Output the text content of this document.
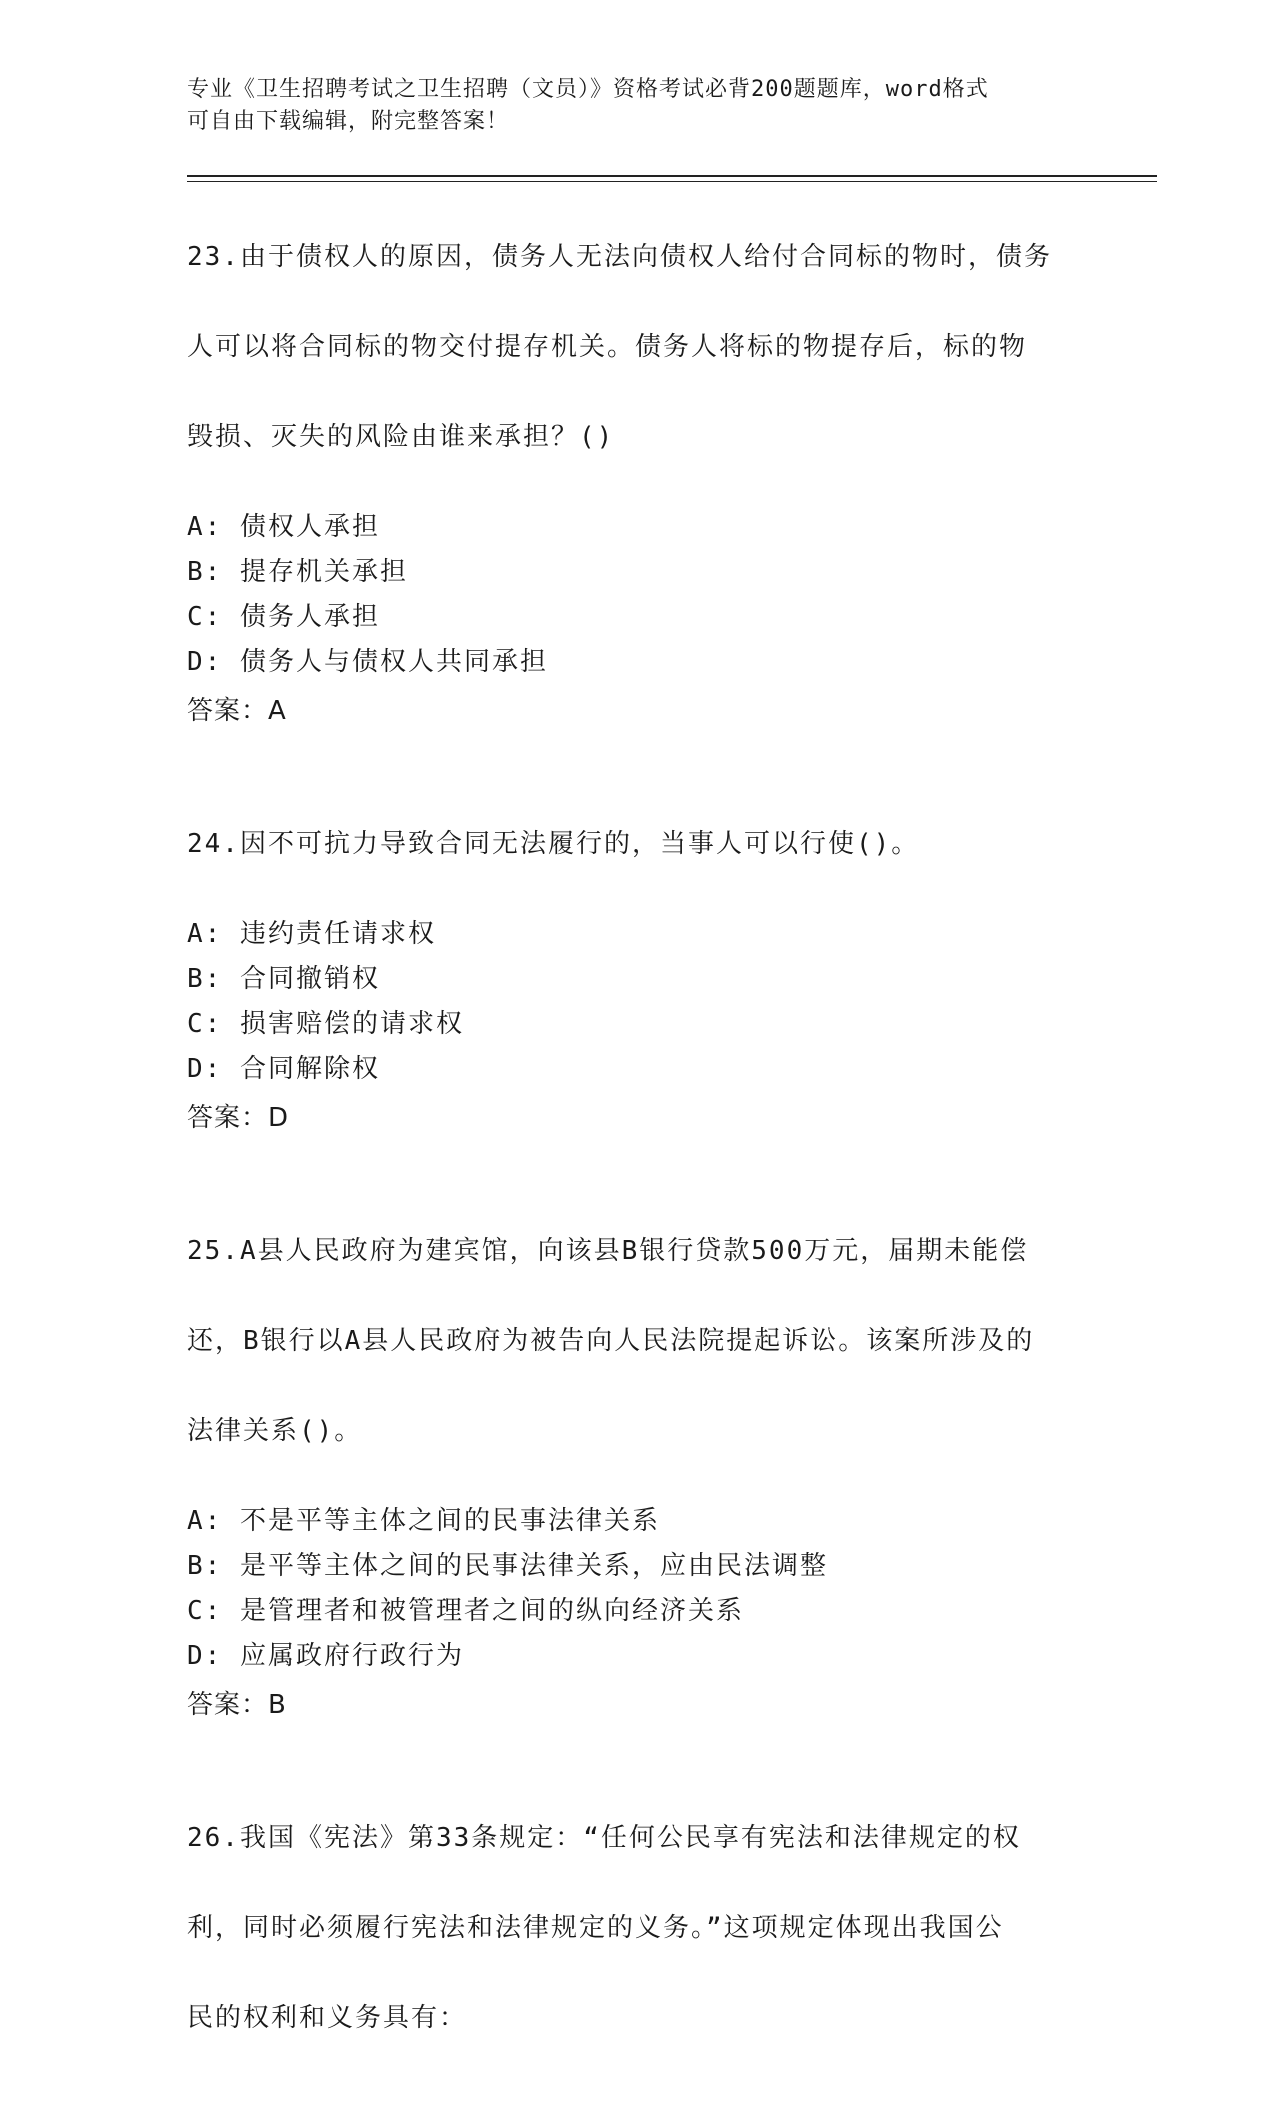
专业《卫生招聘考试之卫生招聘（文员）》资格考试必背200题题库，word格式
可自由下载编辑，附完整答案！

23.由于债权人的原因，债务人无法向债权人给付合同标的物时，债务

人可以将合同标的物交付提存机关。债务人将标的物提存后，标的物

毁损、灭失的风险由谁来承担？()

A: 债权人承担
B: 提存机关承担
C: 债务人承担
D: 债务人与债权人共同承担
答案：A

24.因不可抗力导致合同无法履行的，当事人可以行使()。

A: 违约责任请求权
B: 合同撤销权
C: 损害赔偿的请求权
D: 合同解除权
答案：D

25.A县人民政府为建宾馆，向该县B银行贷款500万元，届期未能偿

还，B银行以A县人民政府为被告向人民法院提起诉讼。该案所涉及的

法律关系()。

A: 不是平等主体之间的民事法律关系
B: 是平等主体之间的民事法律关系，应由民法调整
C: 是管理者和被管理者之间的纵向经济关系
D: 应属政府行政行为
答案：B

26.我国《宪法》第33条规定：“任何公民享有宪法和法律规定的权

利，同时必须履行宪法和法律规定的义务。”这项规定体现出我国公

民的权利和义务具有：
